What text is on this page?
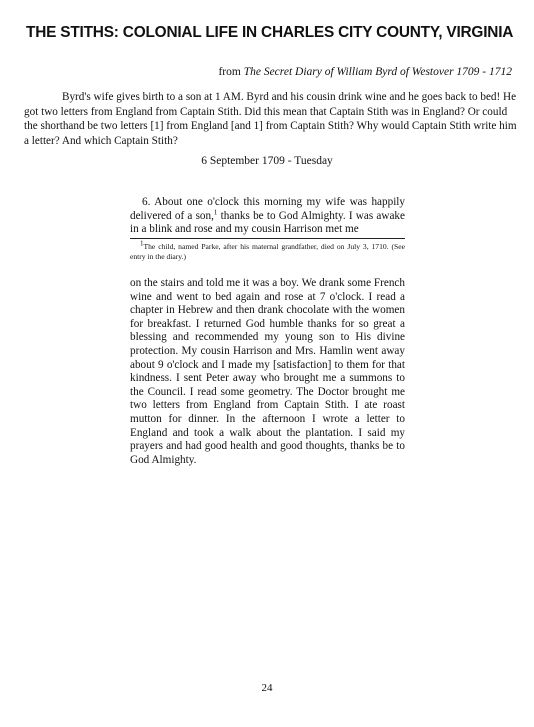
THE STITHS: COLONIAL LIFE IN CHARLES CITY COUNTY, VIRGINIA
from The Secret Diary of William Byrd of Westover 1709 - 1712
Byrd's wife gives birth to a son at 1 AM. Byrd and his cousin drink wine and he goes back to bed! He got two letters from England from Captain Stith. Did this mean that Captain Stith was in England? Or could the shorthand be two letters [1] from England [and 1] from Captain Stith? Why would Captain Stith write him a letter? And which Captain Stith?
6 September 1709 - Tuesday
6. About one o'clock this morning my wife was happily delivered of a son,$^1$ thanks be to God Almighty. I was awake in a blink and rose and my cousin Harrison met me
$^1$The child, named Parke, after his maternal grandfather, died on July 3, 1710. (See entry in the diary.)
on the stairs and told me it was a boy. We drank some French wine and went to bed again and rose at 7 o'clock. I read a chapter in Hebrew and then drank chocolate with the women for breakfast. I returned God humble thanks for so great a blessing and recommended my young son to His divine protection. My cousin Harrison and Mrs. Hamlin went away about 9 o'clock and I made my [satisfaction] to them for that kindness. I sent Peter away who brought me a summons to the Council. I read some geometry. The Doctor brought me two letters from England from Captain Stith. I ate roast mutton for dinner. In the afternoon I wrote a letter to England and took a walk about the plantation. I said my prayers and had good health and good thoughts, thanks be to God Almighty.
24
